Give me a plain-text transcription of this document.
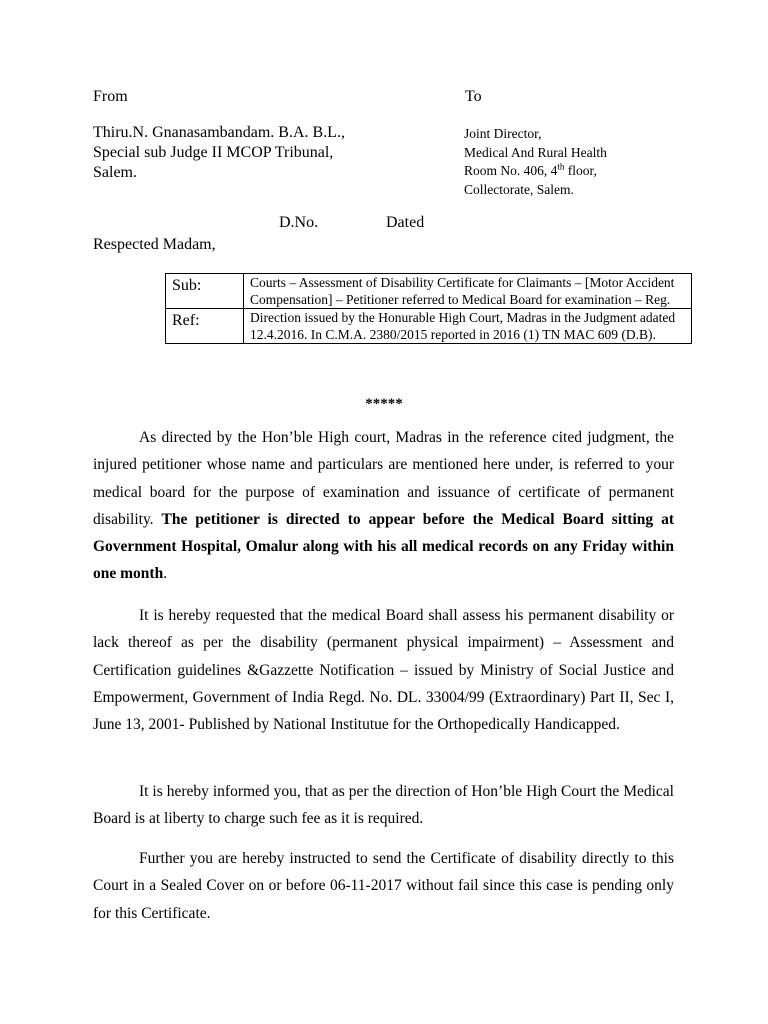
From	To
Thiru.N. Gnanasambandam. B.A. B.L.,
Special sub Judge II MCOP Tribunal,
Salem.
Joint Director,
Medical And Rural Health
Room No. 406, 4th floor,
Collectorate, Salem.
D.No.	Dated
Respected Madam,
Sub:	Courts – Assessment of Disability Certificate for Claimants – [Motor Accident Compensation] – Petitioner referred to Medical Board for examination – Reg.
Ref:	Direction issued by the Honurable High Court, Madras in the Judgment adated 12.4.2016. In C.M.A. 2380/2015 reported in 2016 (1) TN MAC 609 (D.B).
*****
As directed by the Hon’ble High court, Madras in the reference cited judgment, the injured petitioner whose name and particulars are mentioned here under, is referred to your medical board for the purpose of examination and issuance of certificate of permanent disability. The petitioner is directed to appear before the Medical Board sitting at Government Hospital, Omalur along with his all medical records on any Friday within one month.
It is hereby requested that the medical Board shall assess his permanent disability or lack thereof as per the disability (permanent physical impairment) – Assessment and Certification guidelines &Gazzette Notification – issued by Ministry of Social Justice and Empowerment, Government of India Regd. No. DL. 33004/99 (Extraordinary) Part II, Sec I, June 13, 2001- Published by National Institutue for the Orthopedically Handicapped.
It is hereby informed you, that as per the direction of Hon’ble High Court the Medical Board is at liberty to charge such fee as it is required.
Further you are hereby instructed to send the Certificate of disability directly to this Court in a Sealed Cover on or before 06-11-2017 without fail since this case is pending only for this Certificate.
